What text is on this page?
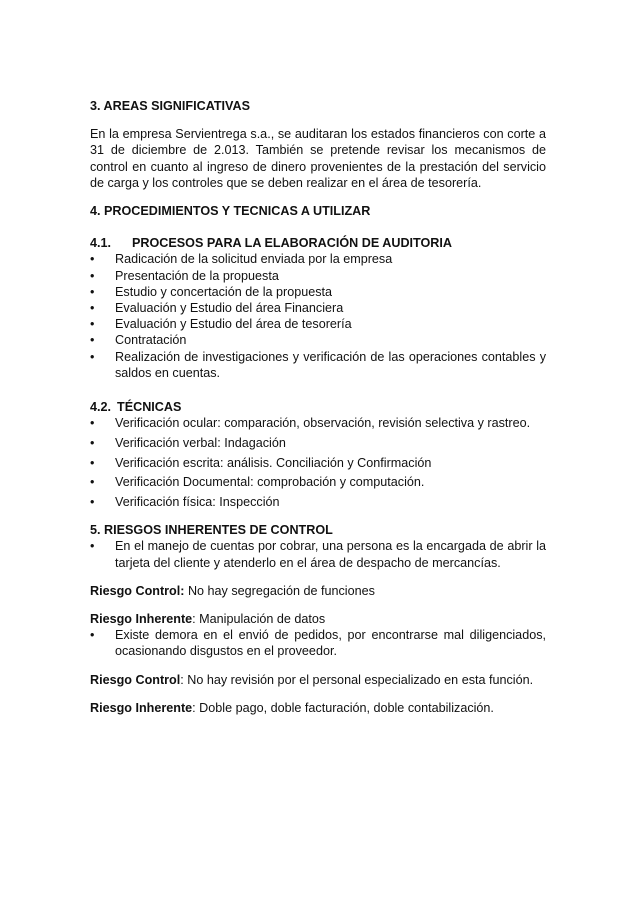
3. AREAS SIGNIFICATIVAS

En la empresa Servientrega s.a., se auditaran los estados financieros con corte a 31 de diciembre de 2.013. También se pretende revisar los mecanismos de control en cuanto al ingreso de dinero provenientes de la prestación del servicio de carga y los controles que se deben realizar en el área de tesorería.

4. PROCEDIMIENTOS Y TECNICAS A UTILIZAR

4.1.	PROCESOS PARA LA ELABORACIÓN DE AUDITORIA
• Radicación de la solicitud enviada por la empresa
• Presentación de la propuesta
• Estudio y concertación de la propuesta
• Evaluación y Estudio del área Financiera
• Evaluación y Estudio del área de tesorería
• Contratación
• Realización de investigaciones y verificación de las operaciones contables y saldos en cuentas.
4.2. TÉCNICAS
• Verificación ocular: comparación, observación, revisión selectiva y rastreo.
• Verificación verbal: Indagación
• Verificación escrita: análisis. Conciliación y Confirmación
• Verificación Documental: comprobación y computación.
• Verificación física: Inspección

5. RIESGOS INHERENTES DE CONTROL

• En el manejo de cuentas por cobrar, una persona es la encargada de abrir la tarjeta del cliente y atenderlo en el área de despacho de mercancías.

Riesgo Control: No hay segregación de funciones

Riesgo Inherente: Manipulación de datos

• Existe demora en el envió de pedidos, por encontrarse mal diligenciados, ocasionando disgustos en el proveedor.

Riesgo Control: No hay revisión por el personal especializado en esta función.

Riesgo Inherente: Doble pago, doble facturación, doble contabilización.
